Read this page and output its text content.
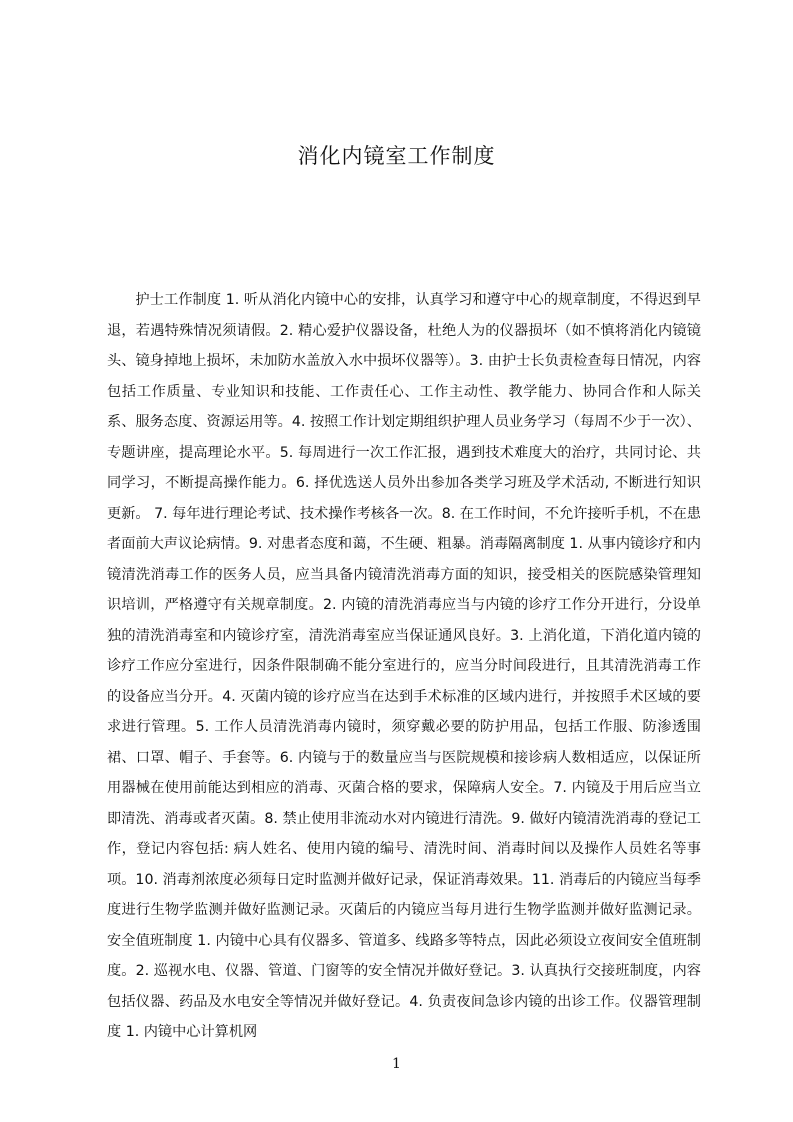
消化内镜室工作制度

护士工作制度 1. 听从消化内镜中心的安排，认真学习和遵守中心的规章制度，不得迟到早退，若遇特殊情况须请假。2. 精心爱护仪器设备，杜绝人为的仪器损坏（如不慎将消化内镜镜头、镜身掉地上损坏，未加防水盖放入水中损坏仪器等）。3. 由护士长负责检查每日情况，内容包括工作质量、专业知识和技能、工作责任心、工作主动性、教学能力、协同合作和人际关系、服务态度、资源运用等。4. 按照工作计划定期组织护理人员业务学习（每周不少于一次）、专题讲座，提高理论水平。5. 每周进行一次工作汇报，遇到技术难度大的治疗，共同讨论、共同学习，不断提高操作能力。6. 择优选送人员外出参加各类学习班及学术活动, 不断进行知识更新。 7. 每年进行理论考试、技术操作考核各一次。8. 在工作时间，不允许接听手机，不在患者面前大声议论病情。9. 对患者态度和蔼，不生硬、粗暴。消毒隔离制度 1. 从事内镜诊疗和内镜清洗消毒工作的医务人员，应当具备内镜清洗消毒方面的知识，接受相关的医院感染管理知识培训，严格遵守有关规章制度。2. 内镜的清洗消毒应当与内镜的诊疗工作分开进行，分设单独的清洗消毒室和内镜诊疗室，清洗消毒室应当保证通风良好。3. 上消化道，下消化道内镜的诊疗工作应分室进行，因条件限制确不能分室进行的，应当分时间段进行，且其清洗消毒工作的设备应当分开。4. 灭菌内镜的诊疗应当在达到手术标准的区域内进行，并按照手术区域的要求进行管理。5. 工作人员清洗消毒内镜时，须穿戴必要的防护用品，包括工作服、防渗透围裙、口罩、帽子、手套等。6. 内镜与于的数量应当与医院规模和接诊病人数相适应，以保证所用器械在使用前能达到相应的消毒、灭菌合格的要求，保障病人安全。7. 内镜及于用后应当立即清洗、消毒或者灭菌。8. 禁止使用非流动水对内镜进行清洗。9. 做好内镜清洗消毒的登记工作，登记内容包括: 病人姓名、使用内镜的编号、清洗时间、消毒时间以及操作人员姓名等事项。10. 消毒剂浓度必须每日定时监测并做好记录，保证消毒效果。11. 消毒后的内镜应当每季度进行生物学监测并做好监测记录。灭菌后的内镜应当每月进行生物学监测并做好监测记录。安全值班制度 1. 内镜中心具有仪器多、管道多、线路多等特点，因此必须设立夜间安全值班制度。2. 巡视水电、仪器、管道、门窗等的安全情况并做好登记。3. 认真执行交接班制度，内容包括仪器、药品及水电安全等情况并做好登记。4. 负责夜间急诊内镜的出诊工作。仪器管理制度 1. 内镜中心计算机网

1
